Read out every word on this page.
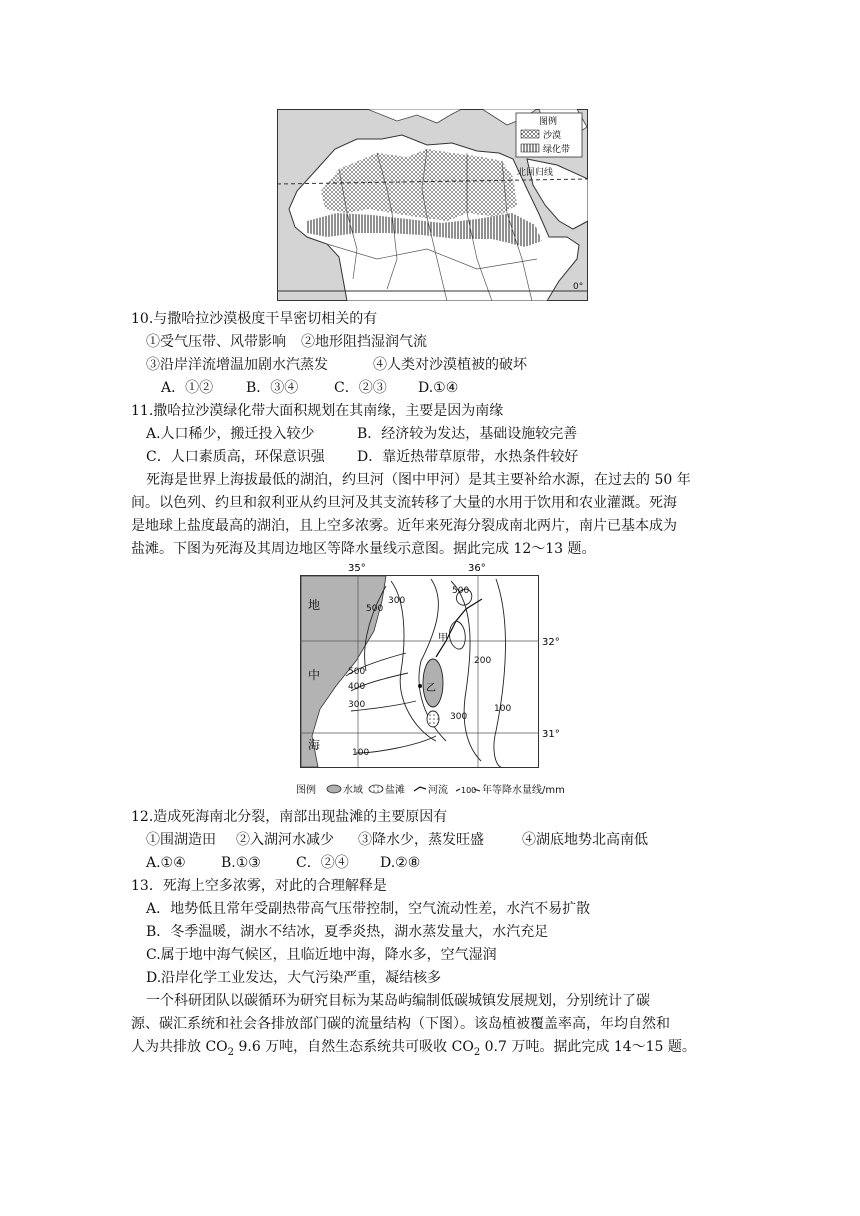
北回归线
0°
图例
沙漠
绿化带
10.与撒哈拉沙漠极度干旱密切相关的有
①受气压带、风带影响 ②地形阻挡湿润气流
③沿岸洋流增温加剧水汽蒸发	④人类对沙漠植被的破坏
A．①② B．③④	C．②③ D.①④
11.撒哈拉沙漠绿化带大面积规划在其南缘，主要是因为南缘
A.人口稀少，搬迁投入较少	B．经济较为发达，基础设施较完善
C．人口素质高，环保意识强 D．靠近热带草原带，水热条件较好
死海是世界上海拔最低的湖泊，约旦河（图中甲河）是其主要补给水源，在过去的 50 年
间。以色列、约旦和叙利亚从约旦河及其支流转移了大量的水用于饮用和农业灌溉。死海
是地球上盐度最高的湖泊，且上空多浓雾。近年来死海分裂成南北两片，南片已基本成为
盐滩。下图为死海及其周边地区等降水量线示意图。据此完成 12～13 题。
35°	36°
地
中
海
32°
31°
甲
乙
500
300
500
200
500
400
300
300
100
100
图例	水域 盐滩 河流 100 年等降水量线/mm
12.造成死海南北分裂，南部出现盐滩的主要原因有
①围湖造田 ②入湖河水减少 ③降水少，蒸发旺盛	④湖底地势北高南低
A.①④	B.①③	C．②④ D.②⑧
13．死海上空多浓雾，对此的合理解释是
A．地势低且常年受副热带高气压带控制，空气流动性差，水汽不易扩散
B．冬季温暖，湖水不结冰，夏季炎热，湖水蒸发量大，水汽充足
C.属于地中海气候区，且临近地中海，降水多，空气湿润
D.沿岸化学工业发达，大气污染严重，凝结核多
一个科研团队以碳循环为研究目标为某岛屿编制低碳城镇发展规划，分别统计了碳
源、碳汇系统和社会各排放部门碳的流量结构（下图）。该岛植被覆盖率高，年均自然和
人为共排放 $CO_2$ 9.6 万吨，自然生态系统共可吸收 $CO_2$ 0.7 万吨。据此完成 14～15 题。
